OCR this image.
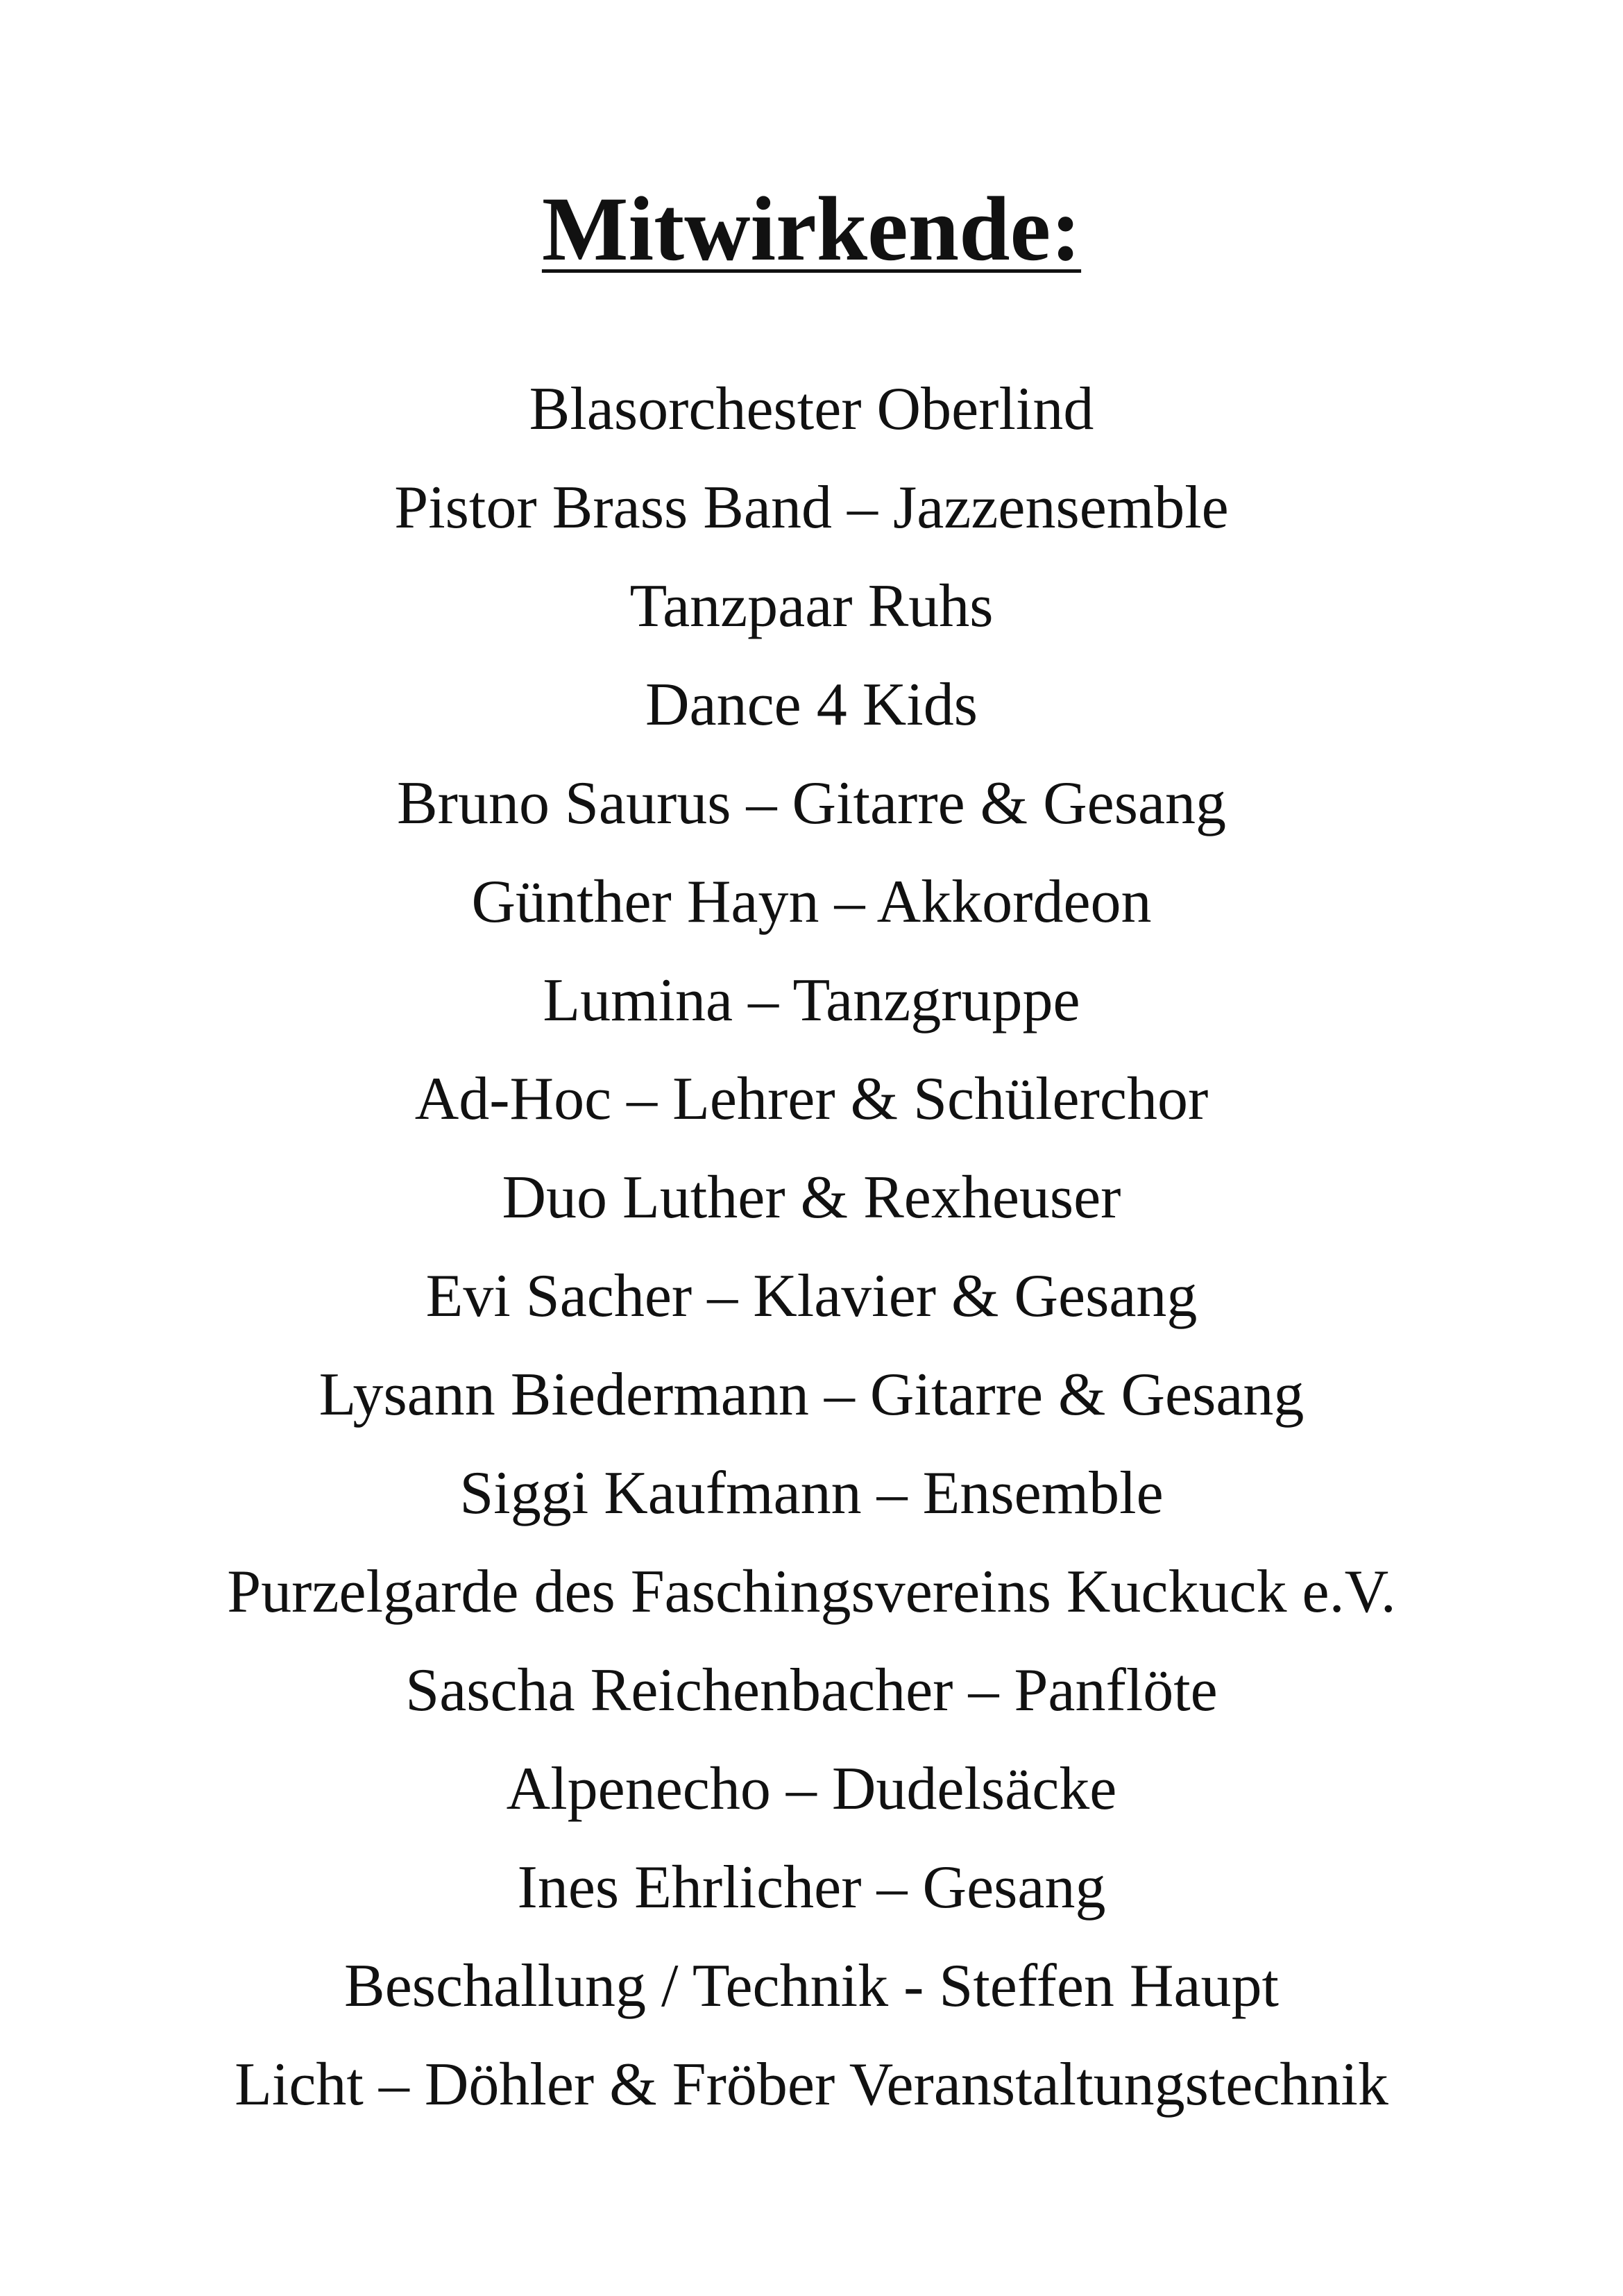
Mitwirkende:
Blasorchester Oberlind
Pistor Brass Band – Jazzensemble
Tanzpaar Ruhs
Dance 4 Kids
Bruno Saurus – Gitarre & Gesang
Günther Hayn – Akkordeon
Lumina – Tanzgruppe
Ad-Hoc – Lehrer & Schülerchor
Duo Luther & Rexheuser
Evi Sacher – Klavier & Gesang
Lysann Biedermann – Gitarre & Gesang
Siggi Kaufmann – Ensemble
Purzelgarde des Faschingsvereins Kuckuck e.V.
Sascha Reichenbacher – Panflöte
Alpenecho – Dudelsäcke
Ines Ehrlicher – Gesang
Beschallung / Technik - Steffen Haupt
Licht – Döhler & Fröber Veranstaltungstechnik
